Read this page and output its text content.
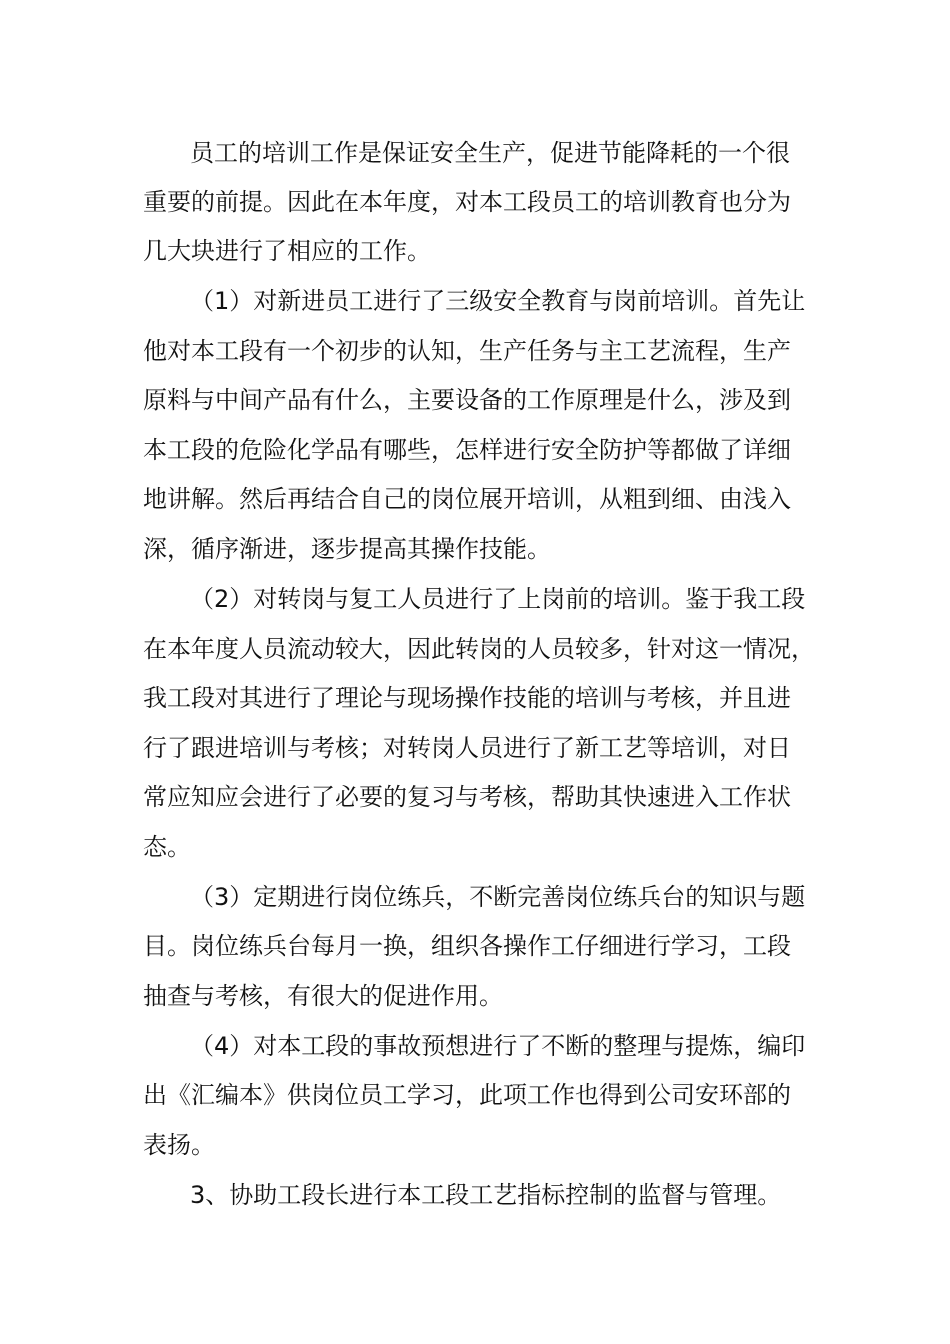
员工的培训工作是保证安全生产，促进节能降耗的一个很
重要的前提。因此在本年度，对本工段员工的培训教育也分为
几大块进行了相应的工作。
（1）对新进员工进行了三级安全教育与岗前培训。首先让
他对本工段有一个初步的认知，生产任务与主工艺流程，生产
原料与中间产品有什么，主要设备的工作原理是什么，涉及到
本工段的危险化学品有哪些，怎样进行安全防护等都做了详细
地讲解。然后再结合自己的岗位展开培训，从粗到细、由浅入
深，循序渐进，逐步提高其操作技能。
（2）对转岗与复工人员进行了上岗前的培训。鉴于我工段
在本年度人员流动较大，因此转岗的人员较多，针对这一情况，
我工段对其进行了理论与现场操作技能的培训与考核，并且进
行了跟进培训与考核；对转岗人员进行了新工艺等培训，对日
常应知应会进行了必要的复习与考核，帮助其快速进入工作状
态。
（3）定期进行岗位练兵，不断完善岗位练兵台的知识与题
目。岗位练兵台每月一换，组织各操作工仔细进行学习，工段
抽查与考核，有很大的促进作用。
（4）对本工段的事故预想进行了不断的整理与提炼，编印
出《汇编本》供岗位员工学习，此项工作也得到公司安环部的
表扬。
3、协助工段长进行本工段工艺指标控制的监督与管理。
